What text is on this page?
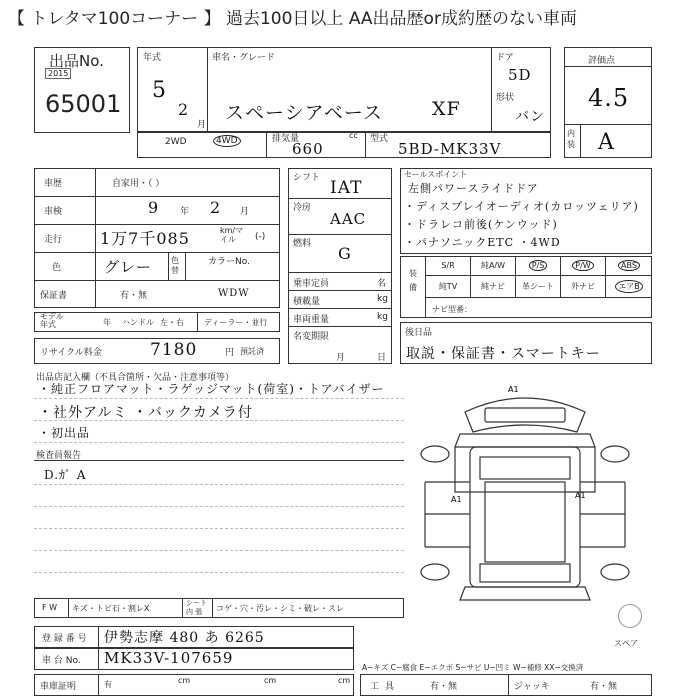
【 トレタマ100コーナー 】 過去100日以上 AA出品歴or成約歴のない車両
出品No.
2015
65001
年式
5
2
月
車名・グレード
スペーシアベース	XF
ドア
5D
形状
バン
2WD	4WD	排気量
660
cc 型式
5BD-MK33V
評価点
4.5
内装 A
車歴	自家用・（ ）
車検	9 年 2 月
走行 1万7千085	km/マイル	(-)
色	グレー 色替
カラーNo.
保証書	有・無	WDW
モデル 年式	年 ハンドル 左・右	ディーラー・並行
リサイクル料金	7180	円 預託済
シフト IAT
冷房
AAC
燃料 G
乗車定員	名
積載量	kg
車両重量	kg
名変期限
月	日
セールスポイント
左側パワースライドドア
・ディスプレイオーディオ(カロッツェリア)
・ドラレコ前後(ケンウッド)
・パナソニックETC ・4WD
装備
S/R	純A/W	P/S	P/W	ABS
純TV	純ナビ 革シート 外ナビ	エアB
ナビ型番：
後日品
取説・保証書・スマートキー
出品店記入欄（不具合箇所・欠品・注意事項等）
・純正フロアマット・ラゲッジマット(荷室)・トアバイザー
・社外アルミ ・バックカメラ付
・初出品
検査員報告
D.ｶﾞ A
A1
A1	A1
スペア
F W キズ・トビ石・割レX
シート 内 張	コゲ・穴・汚レ・シミ・破レ・スレ
登 録 番 号 伊勢志摩 480 あ 6265
車 台 No. MK33V-107659
車庫証明	有	cm	cm	cm
A−キズ C−腐食 E−エクボ S−サビ U−凹ミ W−補修 XX−交換済
工具	有・無	ジャッキ	有・無
